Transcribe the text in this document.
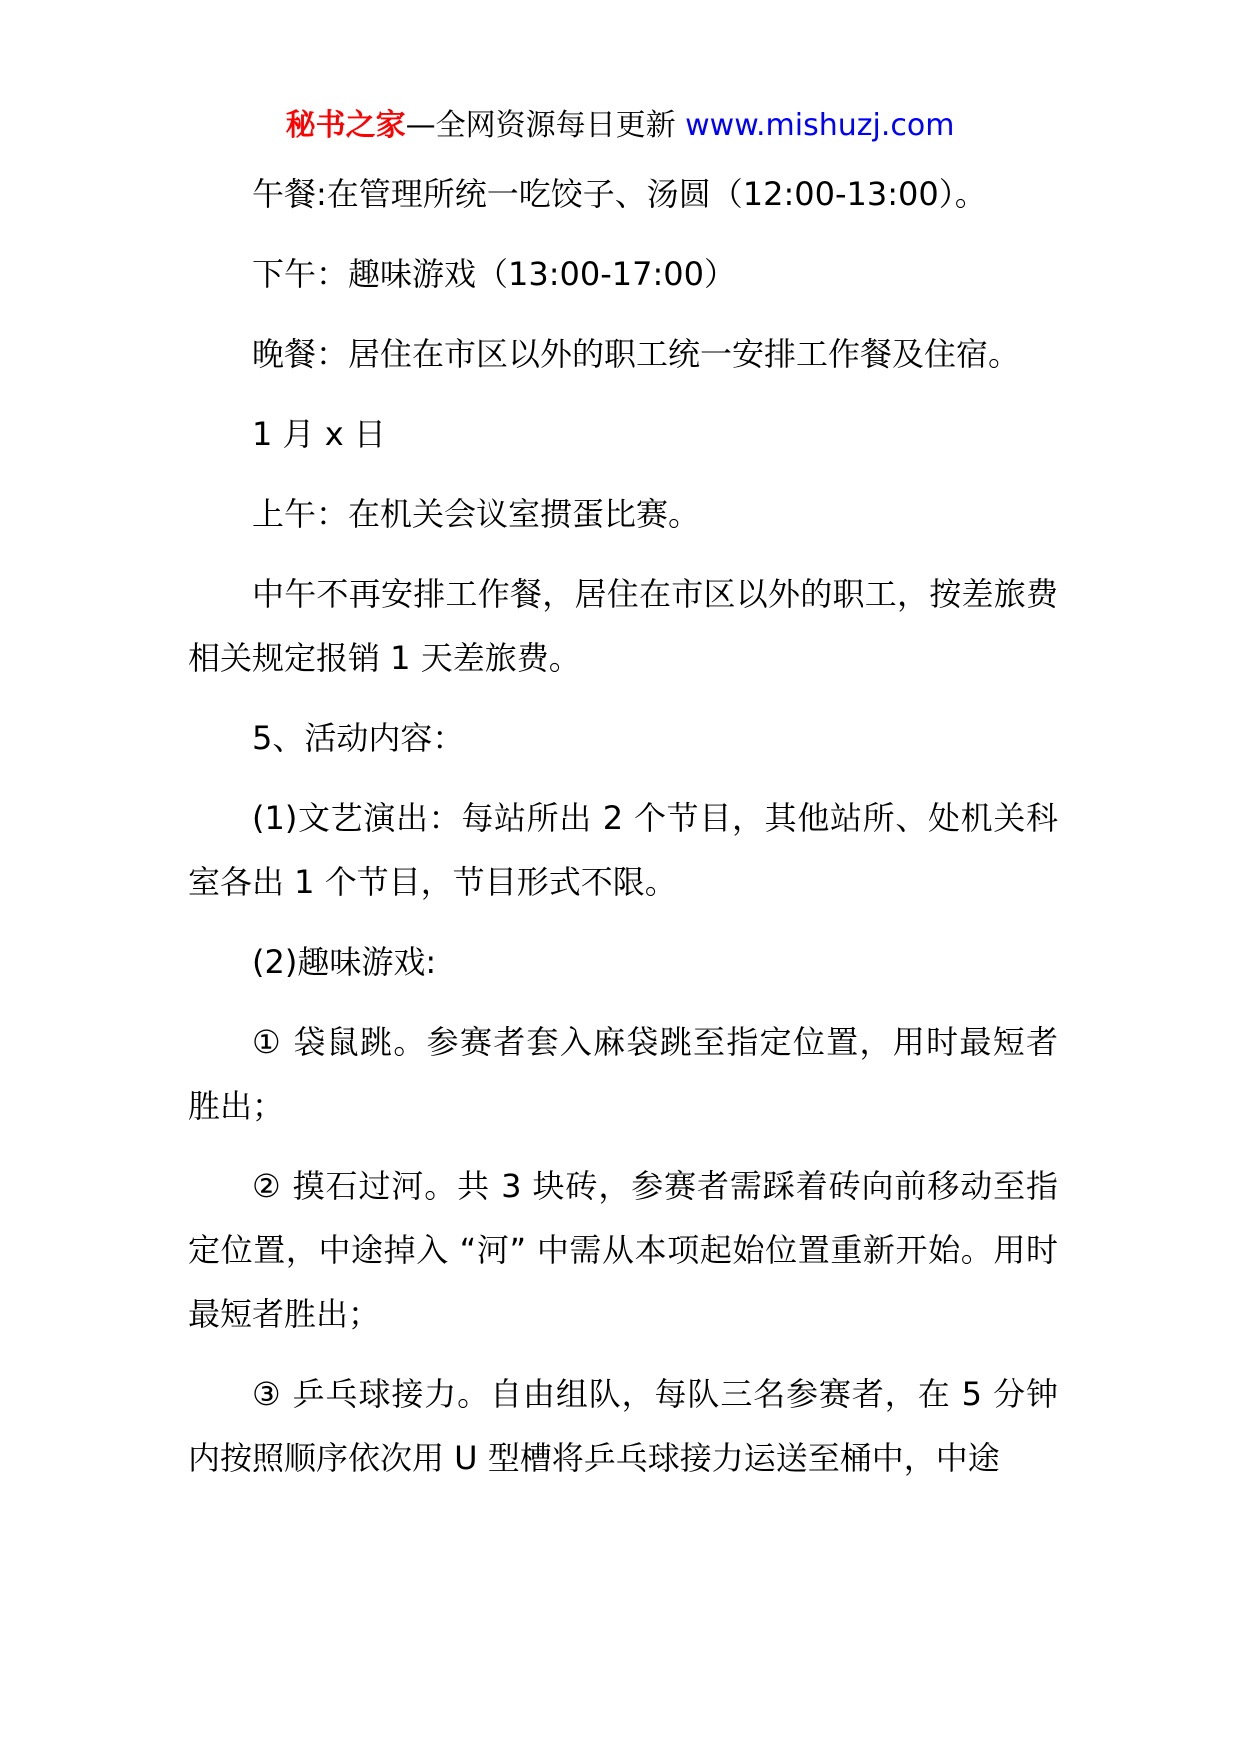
秘书之家—全网资源每日更新 www.mishuzj.com

午餐:在管理所统一吃饺子、汤圆（12:00-13:00）。

下午：趣味游戏（13:00-17:00）

晚餐：居住在市区以外的职工统一安排工作餐及住宿。

1 月 x 日

上午：在机关会议室掼蛋比赛。

中午不再安排工作餐，居住在市区以外的职工，按差旅费相关规定报销 1 天差旅费。

5、活动内容：

(1)文艺演出：每站所出 2 个节目，其他站所、处机关科室各出 1 个节目，节目形式不限。

(2)趣味游戏:

① 袋鼠跳。参赛者套入麻袋跳至指定位置，用时最短者胜出；

② 摸石过河。共 3 块砖，参赛者需踩着砖向前移动至指定位置，中途掉入 “河” 中需从本项起始位置重新开始。用时最短者胜出；

③ 乒乓球接力。自由组队，每队三名参赛者，在 5 分钟内按照顺序依次用 U 型槽将乒乓球接力运送至桶中，中途
